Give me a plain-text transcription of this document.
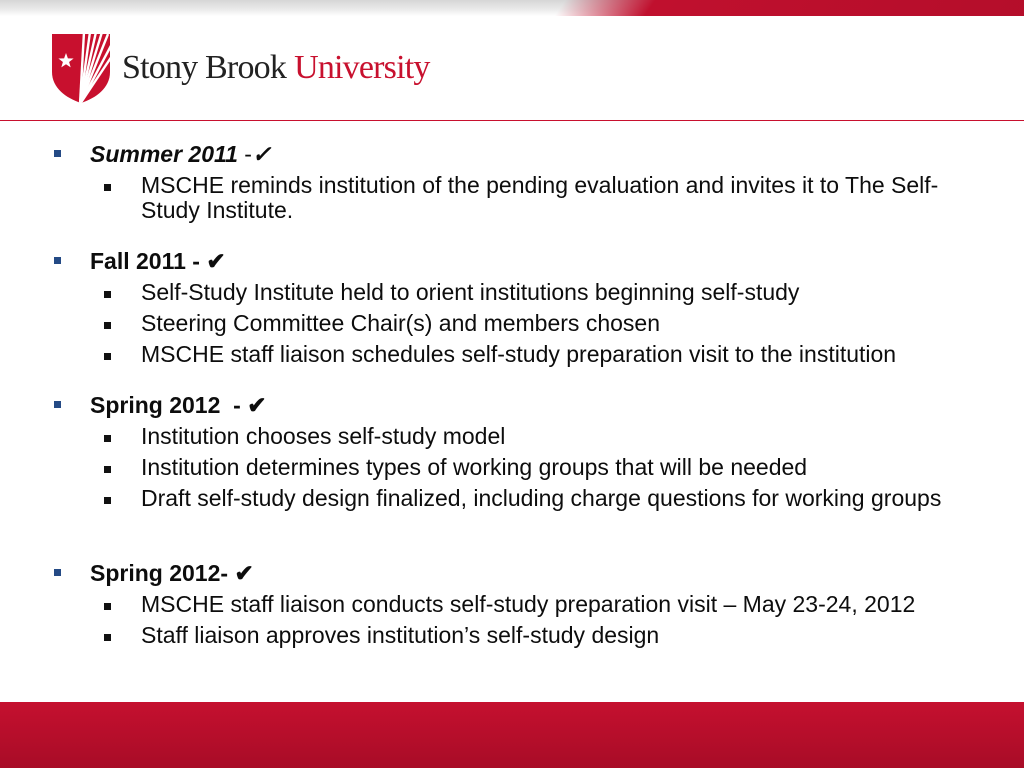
Stony Brook University
Summer 2011 -✓
MSCHE reminds institution of the pending evaluation and invites it to The Self-Study Institute.
Fall 2011 - ✔
Self-Study Institute held to orient institutions beginning self-study
Steering Committee Chair(s) and members chosen
MSCHE staff liaison schedules self-study preparation visit to the institution
Spring 2012  - ✔
Institution chooses self-study model
Institution determines types of working groups that will be needed
Draft self-study design finalized, including charge questions for working groups
Spring 2012- ✔
MSCHE staff liaison conducts self-study preparation visit – May 23-24, 2012
Staff liaison approves institution’s self-study design
